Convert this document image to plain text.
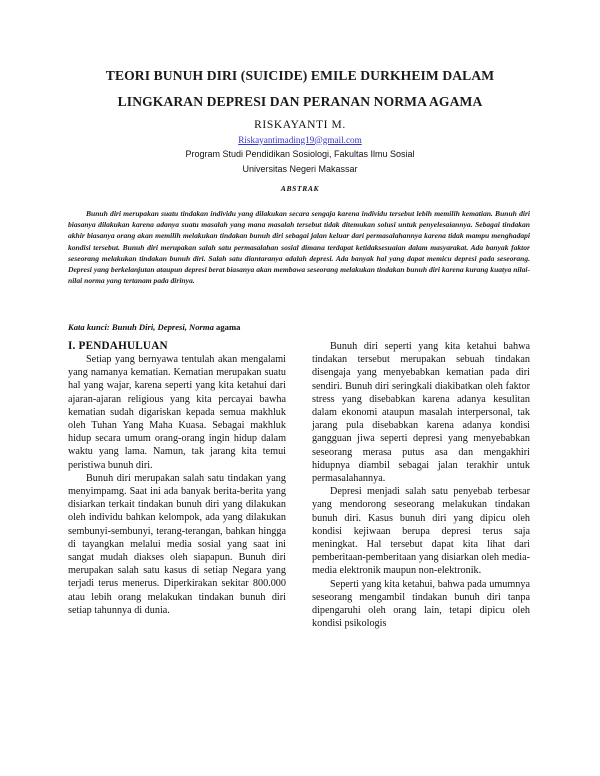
TEORI BUNUH DIRI (SUICIDE) EMILE DURKHEIM DALAM
LINGKARAN DEPRESI DAN PERANAN NORMA AGAMA
RISKAYANTI M.
Riskayantimading19@gmail.com
Program Studi Pendidikan Sosiologi, Fakultas Ilmu Sosial
Universitas Negeri Makassar
ABSTRAK

Bunuh diri merupakan suatu tindakan individu yang dilakukan secara sengaja karena individu tersebut lebih memilih kematian. Bunuh diri biasanya dilakukan karena adanya suatu masalah yang mana masalah tersebut tidak ditemukan solusi untuk penyelesaiannya. Sebagai tindakan akhir biasanya orang akan memilih melakukan tindakan bunuh diri sebagai jalan keluar dari permasalahannya karena tidak mampu menghadapi kondisi tersebut. Bunuh diri merupakan salah satu permasalahan sosial dimana terdapat ketidaksesuaian dalam masyarakat. Ada banyak faktor seseorang melakukan tindakan bunuh diri. Salah satu diantaranya adalah depresi. Ada banyak hal yang dapat memicu depresi pada seseorang. Depresi yang berkelanjutan ataupun depresi berat biasanya akan membawa seseorang melakukan tindakan bunuh diri karena kurang kuatya nilai- nilai norma yang tertanam pada dirinya.

Kata kunci: Bunuh Diri, Depresi, Norma agama
I. PENDAHULUAN

Setiap yang bernyawa tentulah akan mengalami yang namanya kematian. Kematian merupakan suatu hal yang wajar, karena seperti yang kita ketahui dari ajaran-ajaran religious yang kita percayai bawha kematian sudah digariskan kepada semua makhluk oleh Tuhan Yang Maha Kuasa. Sebagai makhluk hidup secara umum orang-orang ingin hidup dalam waktu yang lama. Namun, tak jarang kita temui peristiwa bunuh diri.

Bunuh diri merupakan salah satu tindakan yang menyimpamg. Saat ini ada banyak berita-berita yang disiarkan terkait tindakan bunuh diri yang dilakukan oleh individu bahkan kelompok, ada yang dilakukan sembunyi-sembunyi, terang-terangan, bahkan hingga di tayangkan melalui media sosial yang saat ini sangat mudah diakses oleh siapapun. Bunuh diri merupakan salah satu kasus di setiap Negara yang terjadi terus menerus. Diperkirakan sekitar 800.000 atau lebih orang melakukan tindakan bunuh diri setiap tahunnya di dunia.

Bunuh diri seperti yang kita ketahui bahwa tindakan tersebut merupakan sebuah tindakan disengaja yang menyebabkan kematian pada diri sendiri. Bunuh diri seringkali diakibatkan oleh faktor stress yang disebabkan karena adanya kesulitan dalam ekonomi ataupun masalah interpersonal, tak jarang pula disebabkan karena adanya kondisi gangguan jiwa seperti depresi yang menyebabkan seseorang merasa putus asa dan mengakhiri hidupnya diambil sebagai jalan terakhir untuk permasalahannya.

Depresi menjadi salah satu penyebab terbesar yang mendorong seseorang melakukan tindakan bunuh diri. Kasus bunuh diri yang dipicu oleh kondisi kejiwaan berupa depresi terus saja meningkat. Hal tersebut dapat kita lihat dari pemberitaan-pemberitaan yang disiarkan oleh media-media elektronik maupun non-elektronik.

Seperti yang kita ketahui, bahwa pada umumnya seseorang mengambil tindakan bunuh diri tanpa dipengaruhi oleh orang lain, tetapi dipicu oleh kondisi psikologis
